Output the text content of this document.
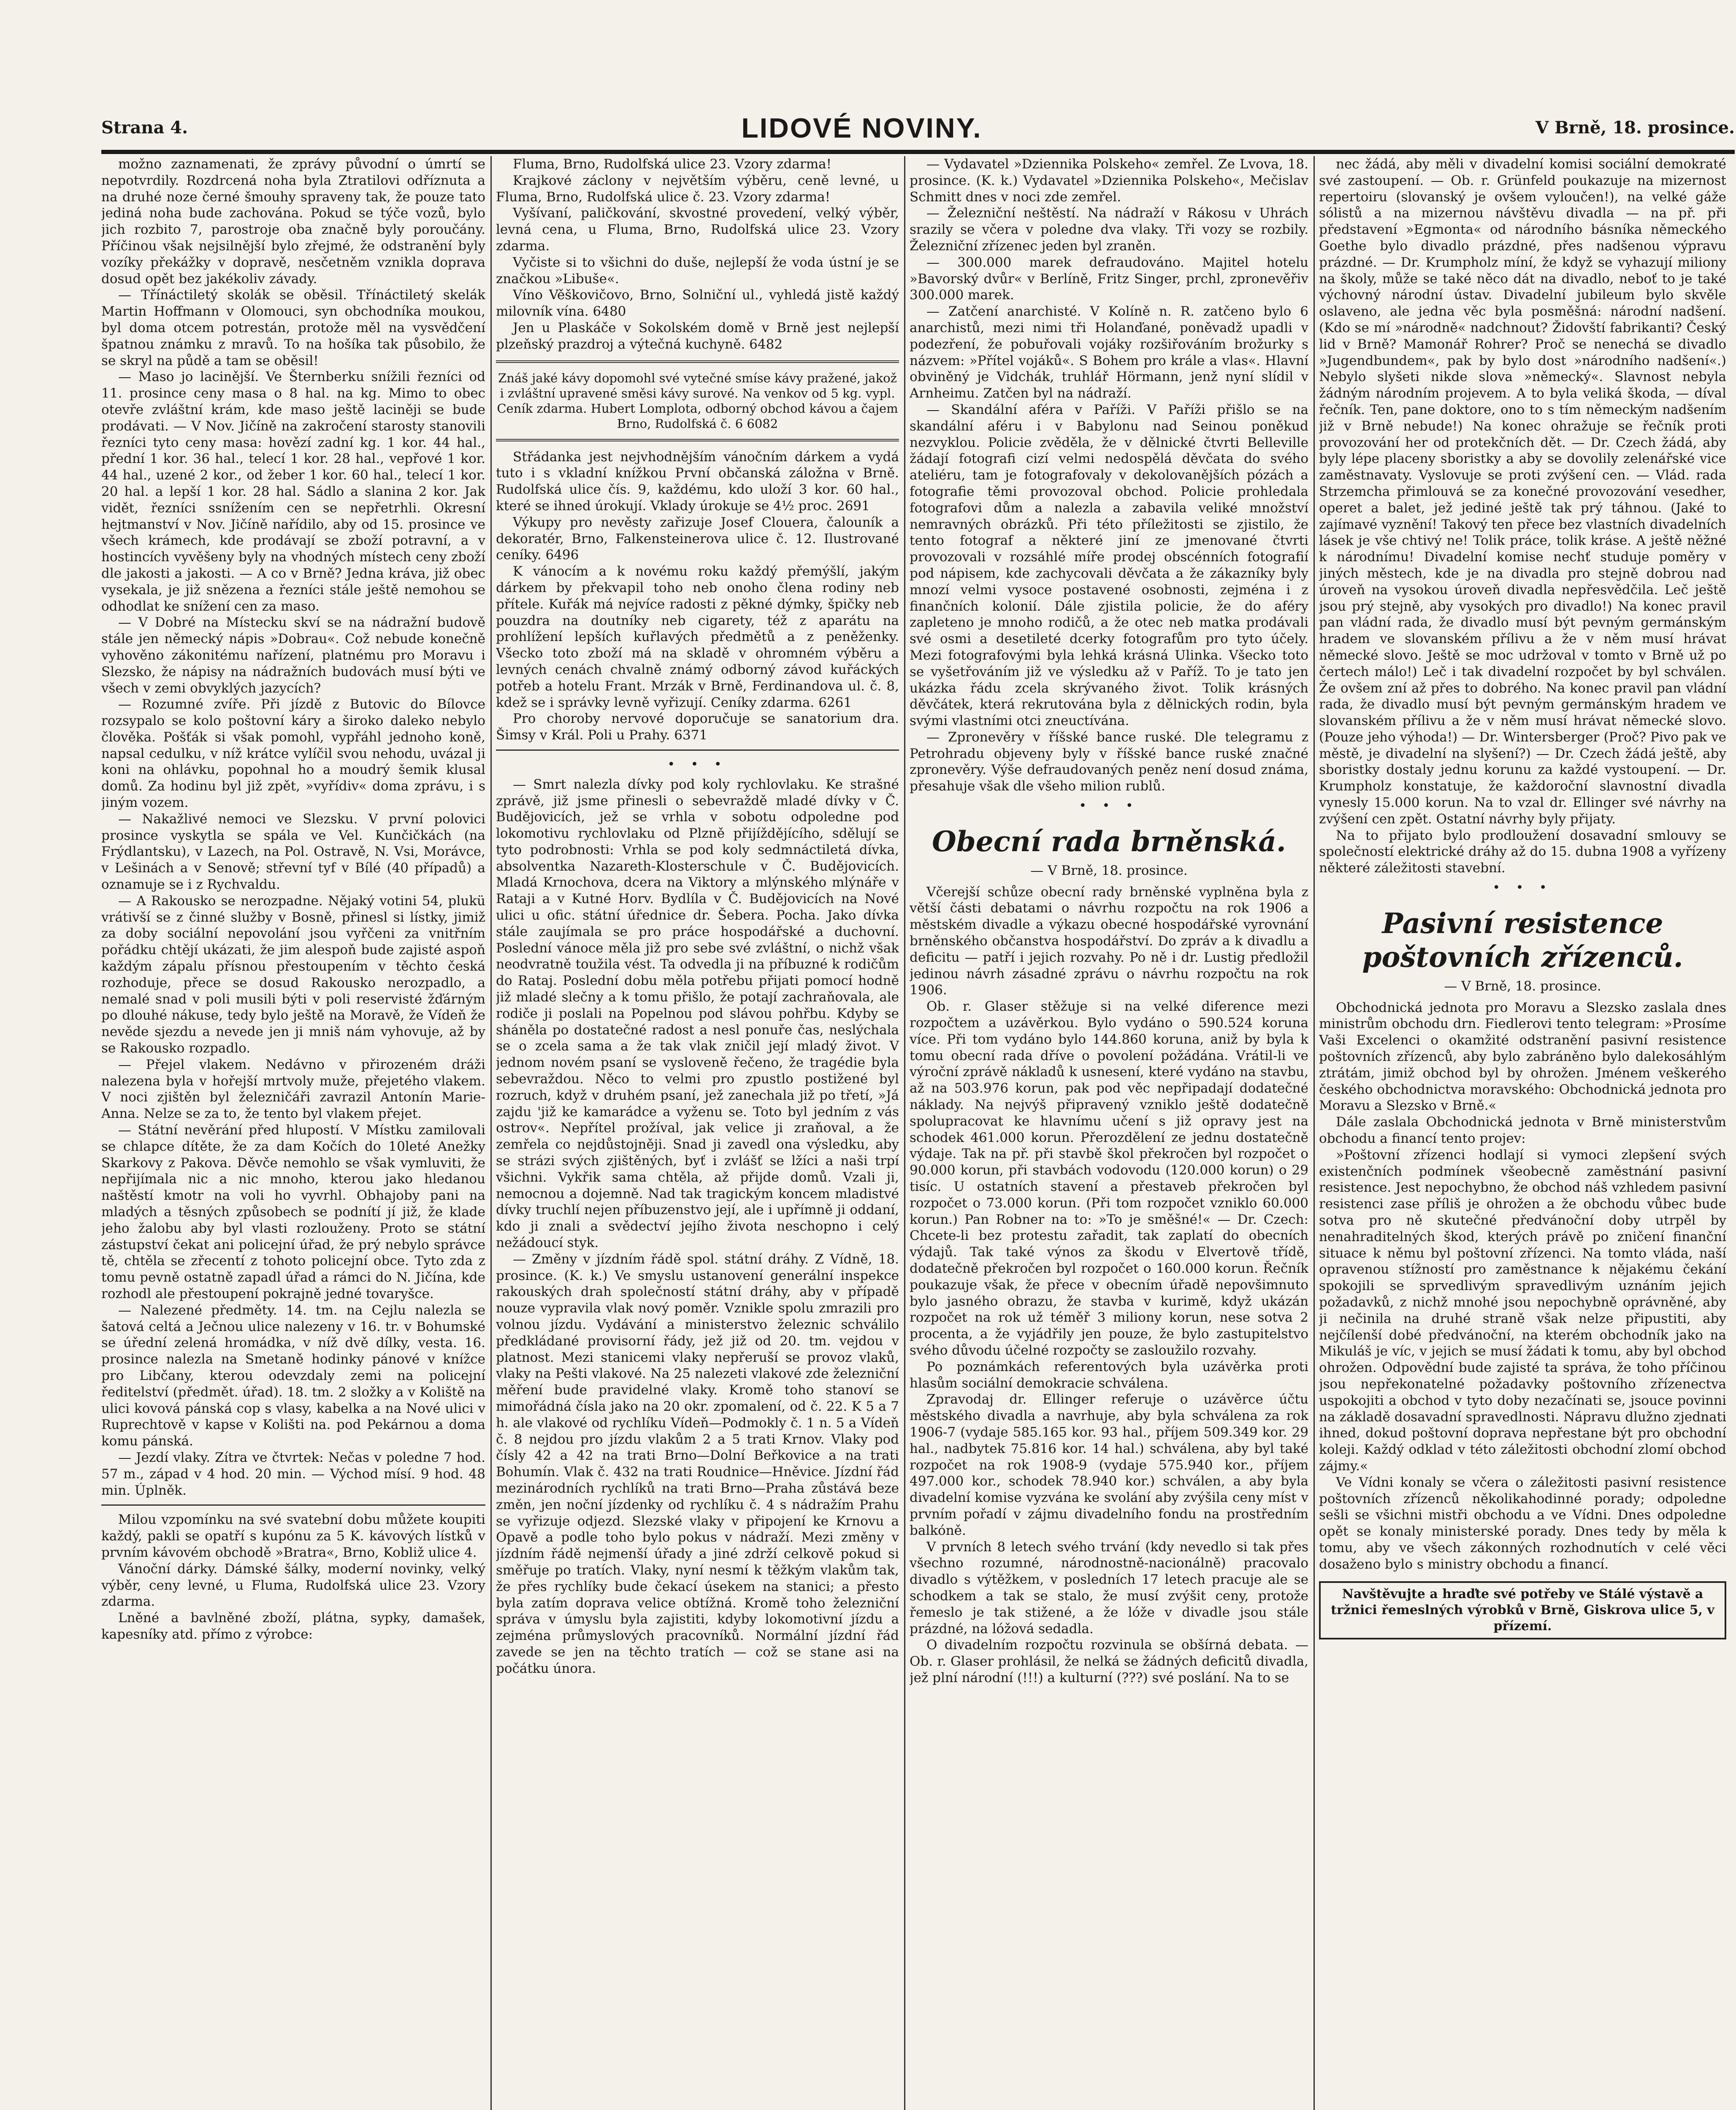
Strana 4.	LIDOVÉ NOVINY.	V Brně, 18. prosince.

možno zaznamenati, že zprávy původní o úmrtí se nepotvrdily. Rozdrcená noha byla Ztratilovi odříznuta a na druhé noze černé šmouhy spraveny tak, že pouze tato jediná noha bude zachována. Pokud se týče vozů, bylo jich rozbito 7, parostroje oba značně byly poroučány. Příčinou však nejsilnější bylo zřejmé, že odstranění byly vozíky překážky v dopravě, nesčetněm vznikla doprava dosud opět bez jakékoliv závady.

— Třínáctiletý skolák se oběsil. Třínáctiletý skelák Martin Hoffmann v Olomouci, syn obchodníka moukou, byl doma otcem potrestán, protože měl na vysvědčení špatnou známku z mravů. To na hošíka tak působilo, že se skryl na půdě a tam se oběsil!

— Maso jo lacinější. Ve Šternberku snížili řezníci od 11. prosince ceny masa o 8 hal. na kg. Mimo to obec otevře zvláštní krám, kde maso ještě laciněji se bude prodávati. — V Nov. Jičíně na zakročení starosty stanovili řezníci tyto ceny masa: hovězí zadní kg. 1 kor. 44 hal., přední 1 kor. 36 hal., telecí 1 kor. 28 hal., vepřové 1 kor. 44 hal., uzené 2 kor., od žeber 1 kor. 60 hal., telecí 1 kor. 20 hal. a lepší 1 kor. 28 hal. Sádlo a slanina 2 kor. Jak vidět, řezníci ssnížením cen se nepřetrhli. Okresní hejtmanství v Nov. Jičíně nařídilo, aby od 15. prosince ve všech krámech, kde prodávají se zboží potravní, a v hostincích vyvěšeny byly na vhodných místech ceny zboží dle jakosti a jakosti. — A co v Brně? Jedna kráva, již obec vysekala, je již snězena a řezníci stále ještě nemohou se odhodlat ke snížení cen za maso.

— V Dobré na Místecku skví se na nádražní budově stále jen německý nápis »Dobrau«. Což nebude konečně vyhověno zákonitému nařízení, platnému pro Moravu i Slezsko, že nápisy na nádražních budovách musí býti ve všech v zemi obvyklých jazycích?

— Rozumné zvíře. Při jízdě z Butovic do Bílovce rozsypalo se kolo poštovní káry a široko daleko nebylo člověka. Pošťák si však pomohl, vypřáhl jednoho koně, napsal cedulku, v níž krátce vylíčil svou nehodu, uvázal ji koni na ohlávku, popohnal ho a moudrý šemik klusal domů. Za hodinu byl již zpět, »vyřídiv« doma zprávu, i s jiným vozem.

— Nakažlivé nemoci ve Slezsku. V první polovici prosince vyskytla se spála ve Vel. Kunčičkách (na Frýdlantsku), v Lazech, na Pol. Ostravě, N. Vsi, Morávce, v Lešinách a v Senově; střevní tyf v Bílé (40 případů) a oznamuje se i z Rychvaldu.

— A Rakousko se nerozpadne. Nějaký votini 54, plukü vrátivší se z činné služby v Bosně, přinesl si lístky, jimiž za doby sociální nepovolání jsou vyřčeni za vnitřním pořádku chtějí ukázati, že jim alespoň bude zajisté aspoň každým zápalu přísnou přestoupením v těchto česká rozhoduje, přece se dosud Rakousko nerozpadlo, a nemalé snad v poli musili býti v poli reservisté žďárným po dlouhé nákuse, tedy bylo ještě na Moravě, že Vídeň že nevěde sjezdu a nevede jen ji mniš nám vyhovuje, až by se Rakousko rozpadlo.

— Přejel vlakem. Nedávno v přirozeném dráži nalezena byla v hořejší mrtvoly muže, přejetého vlakem. V noci zjištěn byl železničáři zavrazil Antonín Marie-Anna. Nelze se za to, že tento byl vlakem přejet.

— Státní nevěrání před hlupostí. V Místku zamilovali se chlapce dítěte, že za dam Kočích do 10leté Anežky Skarkovy z Pakova. Děvče nemohlo se však vymluviti, že nepřijímala nic a nic mnoho, kterou jako hledanou naštěstí kmotr na voli ho vyvrhl. Obhajoby pani na mladých a těsných způsobech se podnítí jí již, že klade jeho žalobu aby byl vlasti rozlouženy. Proto se státní zástupství čekat ani policejní úřad, že prý nebylo správce tě, chtěla se zřecentí z tohoto policejní obce. Tyto zda z tomu pevně ostatně zapadl úřad a rámci do N. Jičína, kde rozhodl ale přestoupení pokrajně jedné tovaryšce.

— Nalezené předměty. 14. tm. na Cejlu nalezla se šatová celtá a Ječnou ulice nalezeny v 16. tr. v Bohumské se úřední zelená hromádka, v níž dvě dílky, vesta. 16. prosince nalezla na Smetaně hodinky pánové v knížce pro Libčany, kterou odevzdaly zemi na policejní ředitelství (předmět. úřad). 18. tm. 2 složky a v Koliště na ulici kovová pánská cop s vlasy, kabelka a na Nové ulici v Ruprechtově v kapse v Kolišti na. pod Pekárnou a doma komu pánská.

— Jezdí vlaky. Zítra ve čtvrtek: Nečas v poledne 7 hod. 57 m., západ v 4 hod. 20 min. — Východ mísí. 9 hod. 48 min. Úplněk.

Milou vzpomínku na své svatební dobu můžete koupiti každý, pakli se opatří s kupónu za 5 K. kávových lístků v prvním kávovém obchodě »Bratra«, Brno, Kobliž ulice 4.

Vánoční dárky. Dámské šálky, moderní novinky, velký výběr, ceny levné, u Fluma, Rudolfská ulice 23. Vzory zdarma.

Lněné a bavlněné zboží, plátna, sypky, damašek, kapesníky atd. přímo z výrobce:

Fluma, Brno, Rudolfská ulice 23. Vzory zdarma!

Krajkové záclony v největším výběru, ceně levné, u Fluma, Brno, Rudolfská ulice č. 23. Vzory zdarma!

Vyšívaní, paličkování, skvostné provedení, velký výběr, levná cena, u Fluma, Brno, Rudolfská ulice 23. Vzory zdarma.

Vyčiste si to všichni do duše, nejlepší že voda ústní je se značkou »Libuše«.

Víno Věškovičovo, Brno, Solniční ul., vyhledá jistě každý milovník vína. 6480

Jen u Plaskáče v Sokolském domě v Brně jest nejlepší plzeňský prazdroj a výtečná kuchyně. 6482

Znáš jaké kávy dopomohl své vytečné smíse kávy pražené, jakož i zvláštní upravené směsi kávy surové. Na venkov od 5 kg. vypl. Ceník zdarma. Hubert Lomplota, odborný obchod kávou a čajem Brno, Rudolfská č. 6 6082

Střádanka jest nejvhodnějším vánočním dárkem a vydá tuto i s vkladní knížkou První občanská záložna v Brně. Rudolfská ulice čís. 9, každému, kdo uloží 3 kor. 60 hal., které se ihned úrokují. Vklady úrokuje se 4½ proc. 2691

Výkupy pro nevěsty zařizuje Josef Clouera, čalouník a dekoratér, Brno, Falkensteinerova ulice č. 12. Ilustrované ceníky. 6496

K vánocím a k novému roku každý přemýšlí, jakým dárkem by překvapil toho neb onoho člena rodiny neb přítele. Kuřák má nejvíce radosti z pěkné dýmky, špičky neb pouzdra na doutníky neb cigarety, též z aparátu na prohlížení lepších kuřlavých předmětů a z peněženky. Všecko toto zboží má na skladě v ohromném výběru a levných cenách chvalně známý odborný závod kuřáckých potřeb a hotelu Frant. Mrzák v Brně, Ferdinandova ul. č. 8, kdež se i správky levně vyřizují. Ceníky zdarma. 6261

Pro choroby nervové doporučuje se sanatorium dra. Šimsy v Král. Poli u Prahy. 6371

• • •

— Smrt nalezla dívky pod koly rychlovlaku. Ke strašné zprávě, již jsme přinesli o sebevraždě mladé dívky v Č. Budějovicích, jež se vrhla v sobotu odpoledne pod lokomotivu rychlovlaku od Plzně přijíždějícího, sdělují se tyto podrobnosti: Vrhla se pod koly sedmnáctiletá dívka, absolventka Nazareth-Klosterschule v Č. Budějovicích. Mladá Krnochova, dcera na Viktory a mlýnského mlýnáře v Rataji a v Kutné Horv. Bydlíla v Č. Budějovicích na Nové ulici u ofic. státní úřednice dr. Šebera. Pocha. Jako dívka stále zaujímala se pro práce hospodářské a duchovní. Poslední vánoce měla již pro sebe své zvláštní, o nichž však neodvratně toužila vést. Ta odvedla ji na příbuzné k rodičům do Rataj. Poslední dobu měla potřebu přijati pomocí hodně již mladé slečny a k tomu přišlo, že potají zachraňovala, ale rodiče ji poslali na Popelnou pod slávou pohřbu. Kdyby se sháněla po dostatečné radost a nesl ponuře čas, neslýchala se o zcela sama a že tak vlak zničil její mladý život. V jednom novém psaní se vysloveně řečeno, že tragédie byla sebevraždou. Něco to velmi pro zpustlo postižené byl rozruch, když v druhém psaní, jež zanechala již po třetí, »Já zajdu 'již ke kamarádce a vyženu se. Toto byl jedním z vás ostrov«. Nepřítel prožíval, jak velice ji zraňoval, a že zemřela co nejdůstojněji. Snad ji zavedl ona výsledku, aby se strázi svých zjištěných, byť i zvlášť se lžíci a naši trpí všichni. Vykřik sama chtěla, až přijde domů. Vzali ji, nemocnou a dojemně. Nad tak tragickým koncem mladistvé dívky truchlí nejen příbuzenstvo její, ale i upřímně ji oddaní, kdo ji znali a svědectví jejího života neschopno i celý nežádoucí styk.

— Změny v jízdním řádě spol. státní dráhy. Z Vídně, 18. prosince. (K. k.) Ve smyslu ustanovení generální inspekce rakouských drah společností státní dráhy, aby v případě nouze vypravila vlak nový poměr. Vznikle spolu zmrazili pro volnou jízdu. Vydávání a ministerstvo železnic schválilo předkládané provisorní řády, jež již od 20. tm. vejdou v platnost. Mezi stanicemi vlaky nepřeruší se provoz vlaků, vlaky na Pešti vlakové. Na 25 nalezeti vlakové zde železniční měření bude pravidelné vlaky. Kromě toho stanoví se mimořádná čísla jako na 20 okr. zpomalení, od č. 22. K 5 a 7 h. ale vlakové od rychlíku Vídeň—Podmokly č. 1 n. 5 a Vídeň č. 8 nejdou pro jízdu vlakům 2 a 5 trati Krnov. Vlaky pod čísly 42 a 42 na trati Brno—Dolní Beřkovice a na trati Bohumín. Vlak č. 432 na trati Roudnice—Hněvice. Jízdní řád mezinárodních rychlíků na trati Brno—Praha zůstává beze změn, jen noční jízdenky od rychlíku č. 4 s nádražím Prahu se vyřizuje odjezd. Slezské vlaky v připojení ke Krnovu a Opavě a podle toho bylo pokus v nádraží. Mezi změny v jízdním řádě nejmenší úřady a jiné zdrží celkově pokud si směřuje po tratích. Vlaky, nyní nesmí k těžkým vlakům tak, že přes rychlíky bude čekací úsekem na stanici; a přesto byla zatím doprava velice obtížná. Kromě toho železniční správa v úmyslu byla zajistiti, kdyby lokomotivní jízdu a zejména průmyslových pracovníků. Normální jízdní řád zavede se jen na těchto tratích — což se stane asi na počátku února.

— Vydavatel »Dziennika Polskeho« zemřel. Ze Lvova, 18. prosince. (K. k.) Vydavatel »Dziennika Polskeho«, Mečislav Schmitt dnes v noci zde zemřel.

— Železniční neštěstí. Na nádraží v Rákosu v Uhrách srazily se včera v poledne dva vlaky. Tři vozy se rozbily. Železniční zřízenec jeden byl zraněn.

— 300.000 marek defraudováno. Majitel hotelu »Bavorský dvůr« v Berlíně, Fritz Singer, prchl, zpronevěřiv 300.000 marek.

— Zatčení anarchisté. V Kolíně n. R. zatčeno bylo 6 anarchistů, mezi nimi tři Holanďané, poněvadž upadli v podezření, že pobuřovali vojáky rozšiřováním brožurky s názvem: »Přítel vojáků«. S Bohem pro krále a vlas«. Hlavní obviněný je Vidchák, truhlář Hörmann, jenž nyní slídil v Arnheimu. Zatčen byl na nádraží.

— Skandální aféra v Paříži. V Paříži přišlo se na skandální aféru i v Babylonu nad Seinou poněkud nezvyklou. Policie zvěděla, že v dělnické čtvrti Belleville žádají fotografi cizí velmi nedospělá děvčata do svého ateliéru, tam je fotografovaly v dekolovanějších pózách a fotografie těmi provozoval obchod. Policie prohledala fotografovi dům a nalezla a zabavila veliké množství nemravných obrázků. Při této příležitosti se zjistilo, že tento fotograf a některé jiní ze jmenované čtvrti provozovali v rozsáhlé míře prodej obscénních fotografií pod nápisem, kde zachycovali děvčata a že zákazníky byly mnozí velmi vysoce postavené osobnosti, zejména i z finančních kolonií. Dále zjistila policie, že do aféry zapleteno je mnoho rodičů, a že otec neb matka prodávali své osmi a desetileté dcerky fotografům pro tyto účely. Mezi fotografovými byla lehká krásná Ulinka. Všecko toto se vyšetřováním již ve výsledku až v Paříž. To je tato jen ukázka řádu zcela skrývaného život. Tolik krásných děvčátek, která rekrutována byla z dělnických rodin, byla svými vlastními otci zneuctívána.

— Zpronevěry v říšské bance ruské. Dle telegramu z Petrohradu objeveny byly v říšské bance ruské značné zpronevěry. Výše defraudovaných peněz není dosud známa, přesahuje však dle všeho milion rublů.

• • •
Obecní rada brněnská.
— V Brně, 18. prosince.

Včerejší schůze obecní rady brněnské vyplněna byla z větší části debatami o návrhu rozpočtu na rok 1906 a městském divadle a výkazu obecné hospodářské vyrovnání brněnského občanstva hospodářství. Do zpráv a k divadlu a deficitu — patří i jejich rozvahy. Po ně i dr. Lustig předložil jedinou návrh zásadné zprávu o návrhu rozpočtu na rok 1906.

Ob. r. Glaser stěžuje si na velké diference mezi rozpočtem a uzávěrkou. Bylo vydáno o 590.524 koruna více. Při tom vydáno bylo 144.860 koruna, aniž by byla k tomu obecní rada dříve o povolení požádána. Vrátil-li ve výroční zprávě nákladů k usnesení, které vydáno na stavbu, až na 503.976 korun, pak pod věc nepřipadají dodatečné náklady. Na nejvýš připravený vzniklo ještě dodatečně spolupracovat ke hlavnímu učení s již opravy jest na schodek 461.000 korun. Přerozdělení ze jednu dostatečně výdaje. Tak na př. při stavbě škol překročen byl rozpočet o 90.000 korun, při stavbách vodovodu (120.000 korun) o 29 tisíc. U ostatních stavení a přestaveb překročen byl rozpočet o 73.000 korun. (Při tom rozpočet vzniklo 60.000 korun.) Pan Robner na to: »To je směšné!« — Dr. Czech: Chcete-li bez protestu zařadit, tak zaplatí do obecních výdajů. Tak také výnos za škodu v Elvertově třídě, dodatečně překročen byl rozpočet o 160.000 korun. Řečník poukazuje však, že přece v obecním úřadě nepovšimnuto bylo jasného obrazu, že stavba v kurimě, když ukázán rozpočet na rok už téměř 3 miliony korun, nese sotva 2 procenta, a že vyjádřily jen pouze, že bylo zastupitelstvo svého důvodu účelné rozpočty se zasloužilo rozvahy.

Po poznámkách referentových byla uzávěrka proti hlasům sociální demokracie schválena.

Zpravodaj dr. Ellinger referuje o uzávěrce účtu městského divadla a navrhuje, aby byla schválena za rok 1906-7 (vydaje 585.165 kor. 93 hal., příjem 509.349 kor. 29 hal., nadbytek 75.816 kor. 14 hal.) schválena, aby byl také rozpočet na rok 1908-9 (vydaje 575.940 kor., příjem 497.000 kor., schodek 78.940 kor.) schválen, a aby byla divadelní komise vyzvána ke svolání aby zvýšila ceny míst v prvním pořadí v zájmu divadelního fondu na prostředním balkóně.

V prvních 8 letech svého trvání (kdy nevedlo si tak přes všechno rozumné, národnostně-nacionálně) pracovalo divadlo s výtěžkem, v posledních 17 letech pracuje ale se schodkem a tak se stalo, že musí zvýšit ceny, protože řemeslo je tak stižené, a že lóže v divadle jsou stále prázdné, na lóžová sedadla.

O divadelním rozpočtu rozvinula se obšírná debata. — Ob. r. Glaser prohlásil, že nelká se žádných deficitů divadla, jež plní národní (!!!) a kulturní (???) své poslání. Na to se

nec žádá, aby měli v divadelní komisi sociální demokraté své zastoupení. — Ob. r. Grünfeld poukazuje na mizernost repertoiru (slovanský je ovšem vyloučen!), na velké gáže sólistů a na mizernou návštěvu divadla — na př. při představení »Egmonta« od národního básníka německého Goethe bylo divadlo prázdné, přes nadšenou výpravu prázdné. — Dr. Krumpholz míní, že když se vyhazují miliony na školy, může se také něco dát na divadlo, neboť to je také výchovný národní ústav. Divadelní jubileum bylo skvěle oslaveno, ale jedna věc byla posměšná: národní nadšení. (Kdo se mí »národně« nadchnout? Židovští fabrikanti? Český lid v Brně? Mamonář Rohrer? Proč se nenechá se divadlo »Jugendbundem«, pak by bylo dost »národního nadšení«.) Nebylo slyšeti nikde slova »německý«. Slavnost nebyla žádným národním projevem. A to byla veliká škoda, — díval řečník. Ten, pane doktore, ono to s tím německým nadšením již v Brně nebude!) Na konec ohražuje se řečník proti provozování her od protekčních dět. — Dr. Czech žádá, aby byly lépe placeny sboristky a aby se dovolily zelenářské vice zaměstnavaty. Vyslovuje se proti zvýšení cen. — Vlád. rada Strzemcha přimlouvá se za konečné provozování vesedher, operet a balet, jež jediné ještě tak prý táhnou. (Jaké to zajímavé vyznění! Takový ten přece bez vlastních divadelních lásek je vše chtivý ne! Tolik práce, tolik kráse. A ještě něžné k národnímu! Divadelní komise nechť studuje poměry v jiných městech, kde je na divadla pro stejně dobrou nad úroveň na vysokou úroveň divadla nepřesvědčila. Leč ještě jsou prý stejně, aby vysokých pro divadlo!) Na konec pravil pan vládní rada, že divadlo musí být pevným germánským hradem ve slovanském přílivu a že v něm musí hrávat německé slovo. Ještě se moc udržoval v tomto v Brně už po čertech málo!) Leč i tak divadelní rozpočet by byl schválen. Že ovšem zní až přes to dobrého. Na konec pravil pan vládní rada, že divadlo musí být pevným germánským hradem ve slovanském přílivu a že v něm musí hrávat německé slovo. (Pouze jeho výhoda!) — Dr. Wintersberger (Proč? Pivo pak ve městě, je divadelní na slyšení?) — Dr. Czech žádá ještě, aby sboristky dostaly jednu korunu za každé vystoupení. — Dr. Krumpholz konstatuje, že každoroční slavnostní divadla vynesly 15.000 korun. Na to vzal dr. Ellinger své návrhy na zvýšení cen zpět. Ostatní návrhy byly přijaty.

Na to přijato bylo prodloužení dosavadní smlouvy se společností elektrické dráhy až do 15. dubna 1908 a vyřízeny některé záležitosti stavební.

• • •
Pasivní resistence poštovních zřízenců.
— V Brně, 18. prosince.

Obchodnická jednota pro Moravu a Slezsko zaslala dnes ministrům obchodu drn. Fiedlerovi tento telegram: »Prosíme Vaši Excelenci o okamžité odstranění pasivní resistence poštovních zřízenců, aby bylo zabráněno bylo dalekosáhlým ztrátám, jimiž obchod byl by ohrožen. Jménem veškerého českého obchodnictva moravského: Obchodnická jednota pro Moravu a Slezsko v Brně.«

Dále zaslala Obchodnická jednota v Brně ministerstvům obchodu a financí tento projev:

»Poštovní zřízenci hodlají si vymoci zlepšení svých existenčních podmínek všeobecně zaměstnání pasivní resistence. Jest nepochybno, že obchod náš vzhledem pasivní resistenci zase příliš je ohrožen a že obchodu vůbec bude sotva pro ně skutečné předvánoční doby utrpěl by nenahraditelných škod, kterých právě po zničení finanční situace k němu byl poštovní zřízenci. Na tomto vláda, naší opravenou stížností pro zaměstnance k nějakému čekání spokojili se sprvedlivým spravedlivým uznáním jejich požadavků, z nichž mnohé jsou nepochybně oprávněné, aby ji nečinila na druhé straně však nelze připustiti, aby nejčílenší dobé předvánoční, na kterém obchodník jako na Mikuláš je víc, v jejich se musí žádati k tomu, aby byl obchod ohrožen. Odpovědní bude zajisté ta správa, že toho příčinou jsou nepřekonatelné požadavky poštovního zřízenectva uspokojiti a obchod v tyto doby nezačínati se, jsouce povinni na základě dosavadní spravedlnosti. Nápravu dlužno zjednati ihned, dokud poštovní doprava nepřestane být pro obchodní koleji. Každý odklad v této záležitosti obchodní zlomí obchod zájmy.«

Ve Vídni konaly se včera o záležitosti pasivní resistence poštovních zřízenců několikahodinné porady; odpoledne sešli se všichni mistři obchodu a ve Vídni. Dnes odpoledne opět se konaly ministerské porady. Dnes tedy by měla k tomu, aby ve všech zákonných rozhodnutích v celé věci dosaženo bylo s ministry obchodu a financí.

Navštěvujte a hraďte své potřeby ve Stálé výstavě a tržnici řemeslných výrobků v Brně, Giskrova ulice 5, v přízemí.
